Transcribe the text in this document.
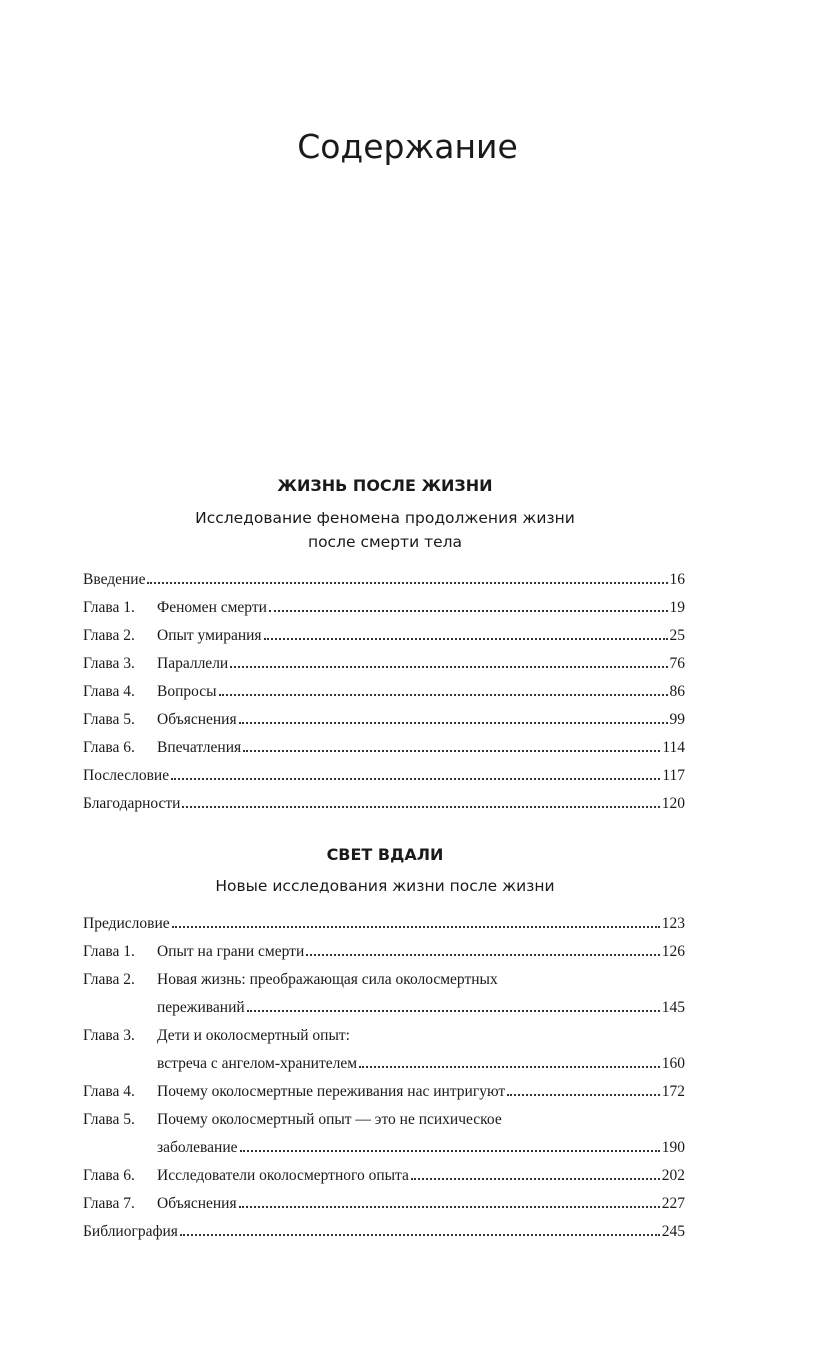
Содержание
ЖИЗНЬ ПОСЛЕ ЖИЗНИ
Исследование феномена продолжения жизни
после смерти тела
Введение	16
Глава 1.	Феномен смерти	19
Глава 2.	Опыт умирания	25
Глава 3.	Параллели	76
Глава 4.	Вопросы	86
Глава 5.	Объяснения	99
Глава 6.	Впечатления	114
Послесловие	117
Благодарности	120
СВЕТ ВДАЛИ
Новые исследования жизни после жизни
Предисловие	123
Глава 1.	Опыт на грани смерти	126
Глава 2.	Новая жизнь: преображающая сила околосмертных
переживаний	145
Глава 3.	Дети и околосмертный опыт:
встреча с ангелом-хранителем	160
Глава 4.	Почему околосмертные переживания нас интригуют	172
Глава 5.	Почему околосмертный опыт — это не психическое
заболевание	190
Глава 6.	Исследователи околосмертного опыта	202
Глава 7.	Объяснения	227
Библиография	245
